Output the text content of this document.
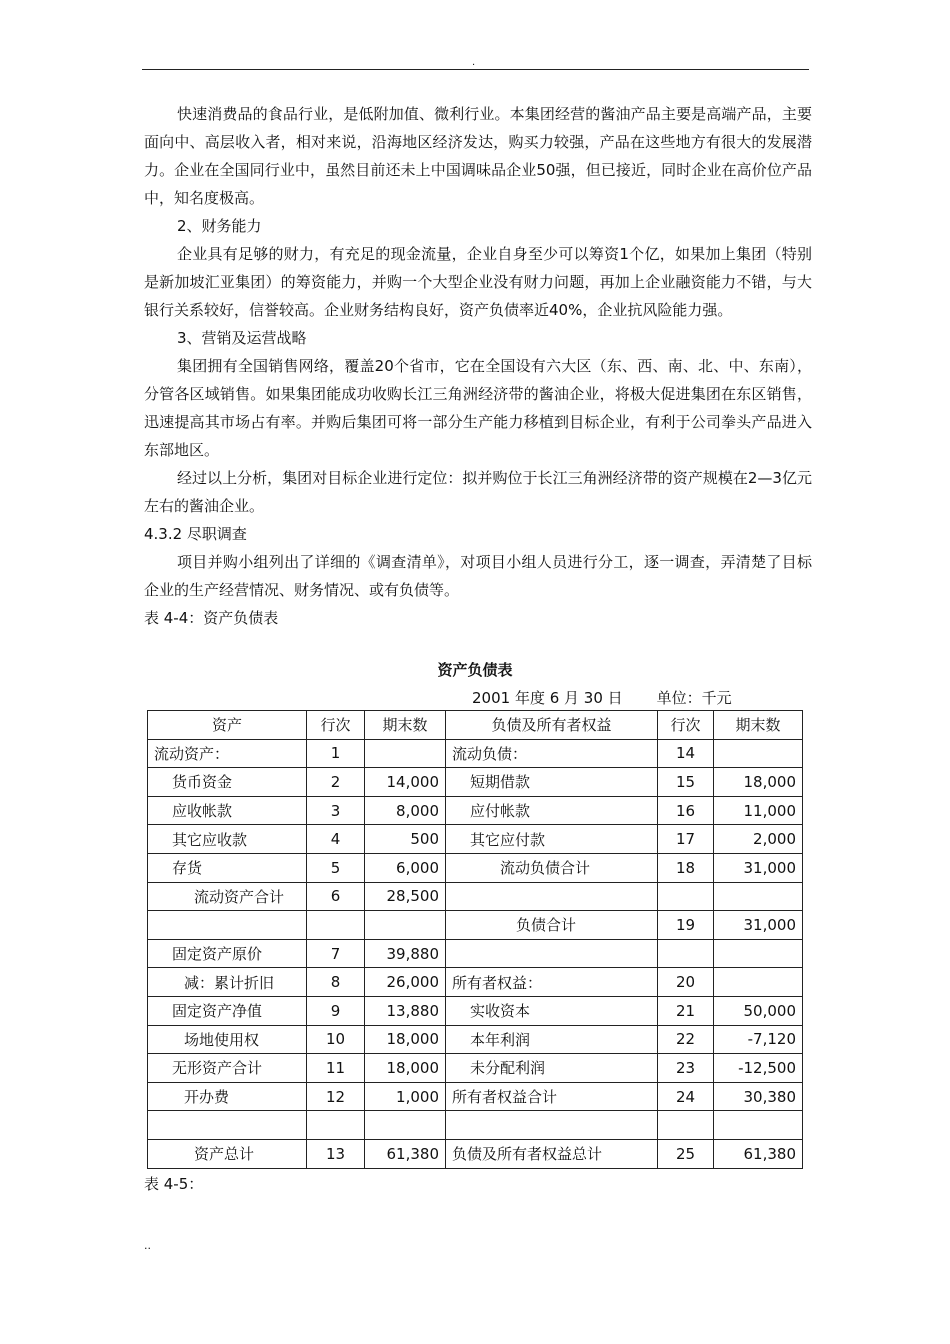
.

快速消费品的食品行业，是低附加值、微利行业。本集团经营的酱油产品主要是高端产品，主要面向中、高层收入者，相对来说，沿海地区经济发达，购买力较强，产品在这些地方有很大的发展潜力。企业在全国同行业中，虽然目前还未上中国调味品企业50强，但已接近，同时企业在高价位产品中，知名度极高。

2、财务能力

企业具有足够的财力，有充足的现金流量，企业自身至少可以筹资1个亿，如果加上集团（特别是新加坡汇亚集团）的筹资能力，并购一个大型企业没有财力问题，再加上企业融资能力不错，与大银行关系较好，信誉较高。企业财务结构良好，资产负债率近40%，企业抗风险能力强。

3、营销及运营战略

集团拥有全国销售网络，覆盖20个省市，它在全国设有六大区（东、西、南、北、中、东南），分管各区域销售。如果集团能成功收购长江三角洲经济带的酱油企业，将极大促进集团在东区销售，迅速提高其市场占有率。并购后集团可将一部分生产能力移植到目标企业，有利于公司拳头产品进入东部地区。

经过以上分析，集团对目标企业进行定位：拟并购位于长江三角洲经济带的资产规模在2—3亿元左右的酱油企业。

4.3.2 尽职调查

项目并购小组列出了详细的《调查清单》，对项目小组人员进行分工，逐一调查，弄清楚了目标企业的生产经营情况、财务情况、或有负债等。

表 4-4：资产负债表

资产负债表
2001 年度 6 月 30 日 单位：千元
资产	行次	期末数	负债及所有者权益	行次	期末数
流动资产：	1		流动负债：	14	
货币资金	2	14,000	短期借款	15	18,000
应收帐款	3	8,000	应付帐款	16	11,000
其它应收款	4	500	其它应付款	17	2,000
存货	5	6,000	流动负债合计	18	31,000
流动资产合计	6	28,500			
			负债合计	19	31,000
固定资产原价	7	39,880			
减：累计折旧	8	26,000	所有者权益：	20	
固定资产净值	9	13,880	实收资本	21	50,000
场地使用权	10	18,000	本年利润	22	-7,120
无形资产合计	11	18,000	未分配利润	23	-12,500
开办费	12	1,000	所有者权益合计	24	30,380

资产总计	13	61,380	负债及所有者权益总计	25	61,380
表 4-5：
..
